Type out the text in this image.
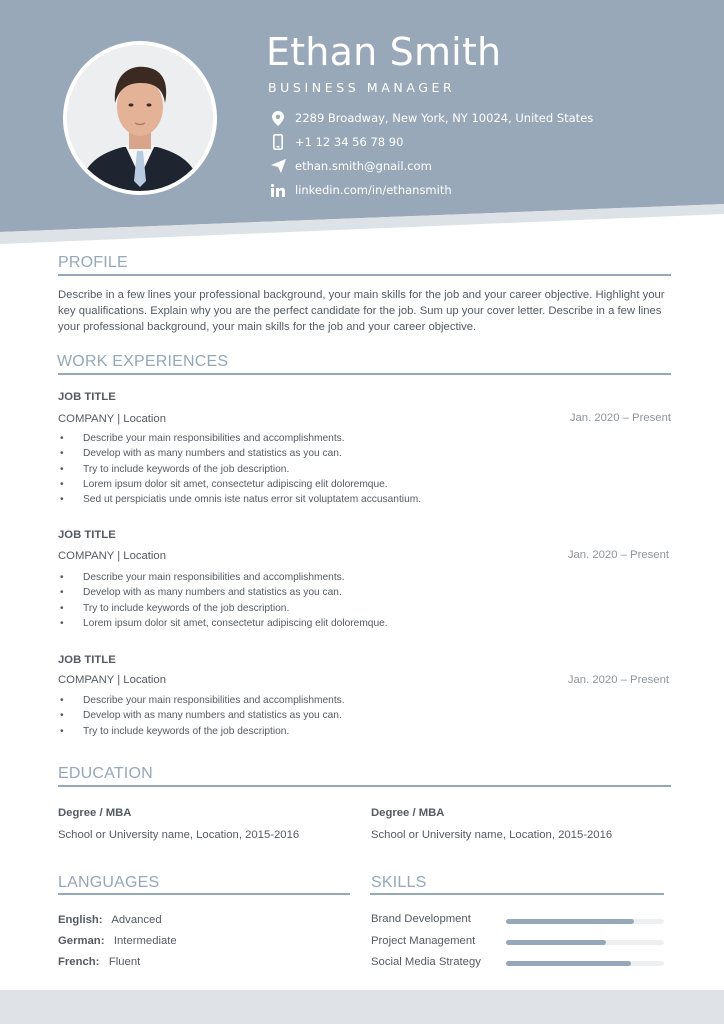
Ethan Smith
BUSINESS MANAGER
2289 Broadway, New York, NY 10024, United States
+1 12 34 56 78 90
ethan.smith@gnail.com
linkedin.com/in/ethansmith
PROFILE
Describe in a few lines your professional background, your main skills for the job and your career objective. Highlight your key qualifications. Explain why you are the perfect candidate for the job. Sum up your cover letter. Describe in a few lines your professional background, your main skills for the job and your career objective.
WORK EXPERIENCES
JOB TITLE
COMPANY | Location	Jan. 2020 – Present
• Describe your main responsibilities and accomplishments.
• Develop with as many numbers and statistics as you can.
• Try to include keywords of the job description.
• Lorem ipsum dolor sit amet, consectetur adipiscing elit doloremque.
• Sed ut perspiciatis unde omnis iste natus error sit voluptatem accusantium.
JOB TITLE
COMPANY | Location	Jan. 2020 – Present
• Describe your main responsibilities and accomplishments.
• Develop with as many numbers and statistics as you can.
• Try to include keywords of the job description.
• Lorem ipsum dolor sit amet, consectetur adipiscing elit doloremque.
JOB TITLE
COMPANY | Location	Jan. 2020 – Present
• Describe your main responsibilities and accomplishments.
• Develop with as many numbers and statistics as you can.
• Try to include keywords of the job description.
EDUCATION
Degree / MBA
School or University name, Location, 2015-2016
Degree / MBA
School or University name, Location, 2015-2016
LANGUAGES
English: Advanced
German: Intermediate
French: Fluent
SKILLS
Brand Development
Project Management
Social Media Strategy
